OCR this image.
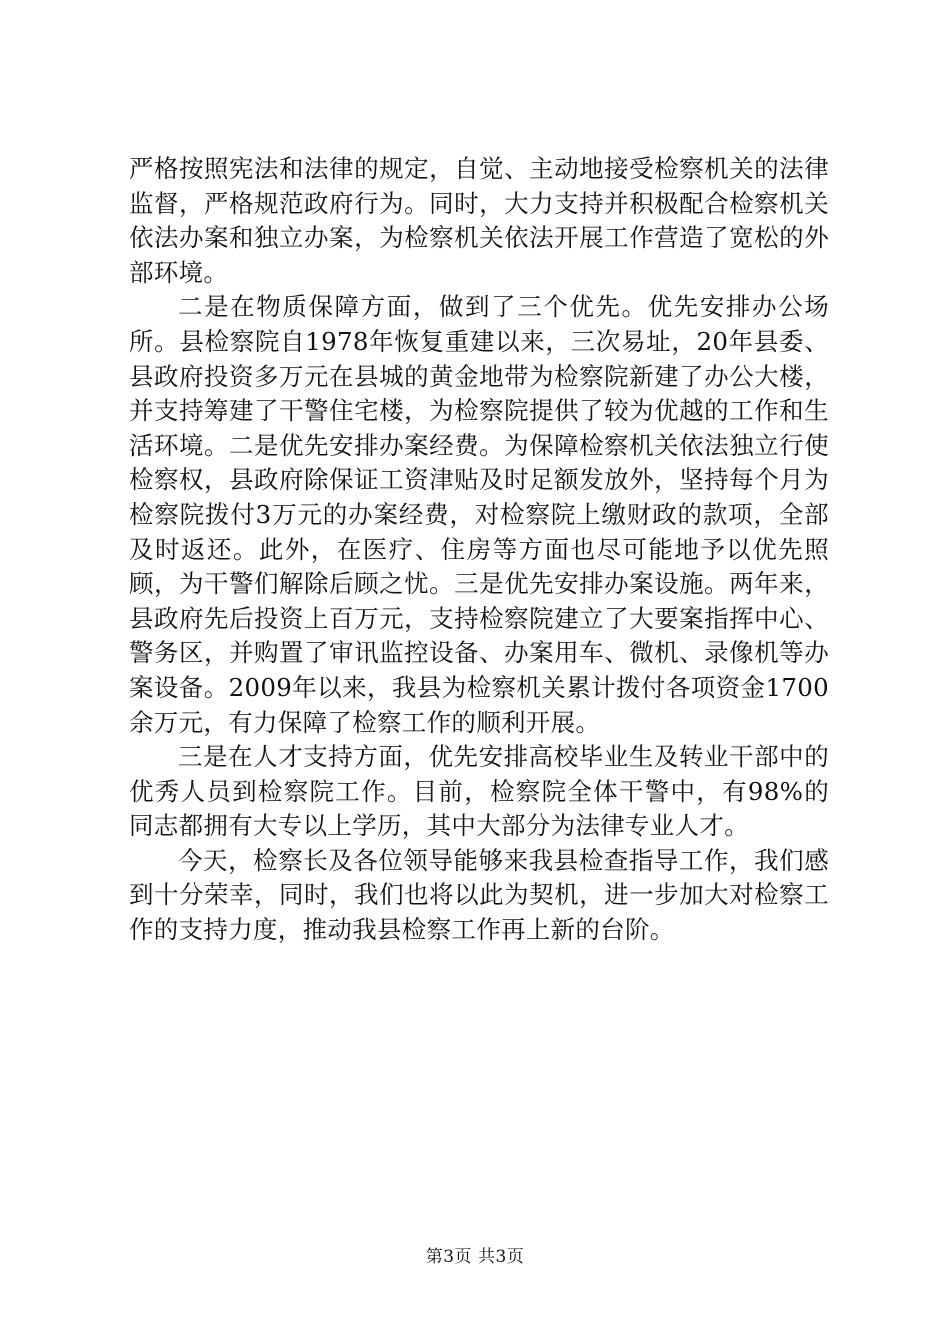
严格按照宪法和法律的规定，自觉、主动地接受检察机关的法律监督，严格规范政府行为。同时，大力支持并积极配合检察机关依法办案和独立办案，为检察机关依法开展工作营造了宽松的外部环境。

二是在物质保障方面，做到了三个优先。优先安排办公场所。县检察院自1978年恢复重建以来，三次易址，20年县委、县政府投资多万元在县城的黄金地带为检察院新建了办公大楼，并支持筹建了干警住宅楼，为检察院提供了较为优越的工作和生活环境。二是优先安排办案经费。为保障检察机关依法独立行使检察权，县政府除保证工资津贴及时足额发放外，坚持每个月为检察院拨付3万元的办案经费，对检察院上缴财政的款项，全部及时返还。此外，在医疗、住房等方面也尽可能地予以优先照顾，为干警们解除后顾之忧。三是优先安排办案设施。两年来，县政府先后投资上百万元，支持检察院建立了大要案指挥中心、警务区，并购置了审讯监控设备、办案用车、微机、录像机等办案设备。2009年以来，我县为检察机关累计拨付各项资金1700余万元，有力保障了检察工作的顺利开展。

三是在人才支持方面，优先安排高校毕业生及转业干部中的优秀人员到检察院工作。目前，检察院全体干警中，有98%的同志都拥有大专以上学历，其中大部分为法律专业人才。

今天，检察长及各位领导能够来我县检查指导工作，我们感到十分荣幸，同时，我们也将以此为契机，进一步加大对检察工作的支持力度，推动我县检察工作再上新的台阶。

第3页 共3页
